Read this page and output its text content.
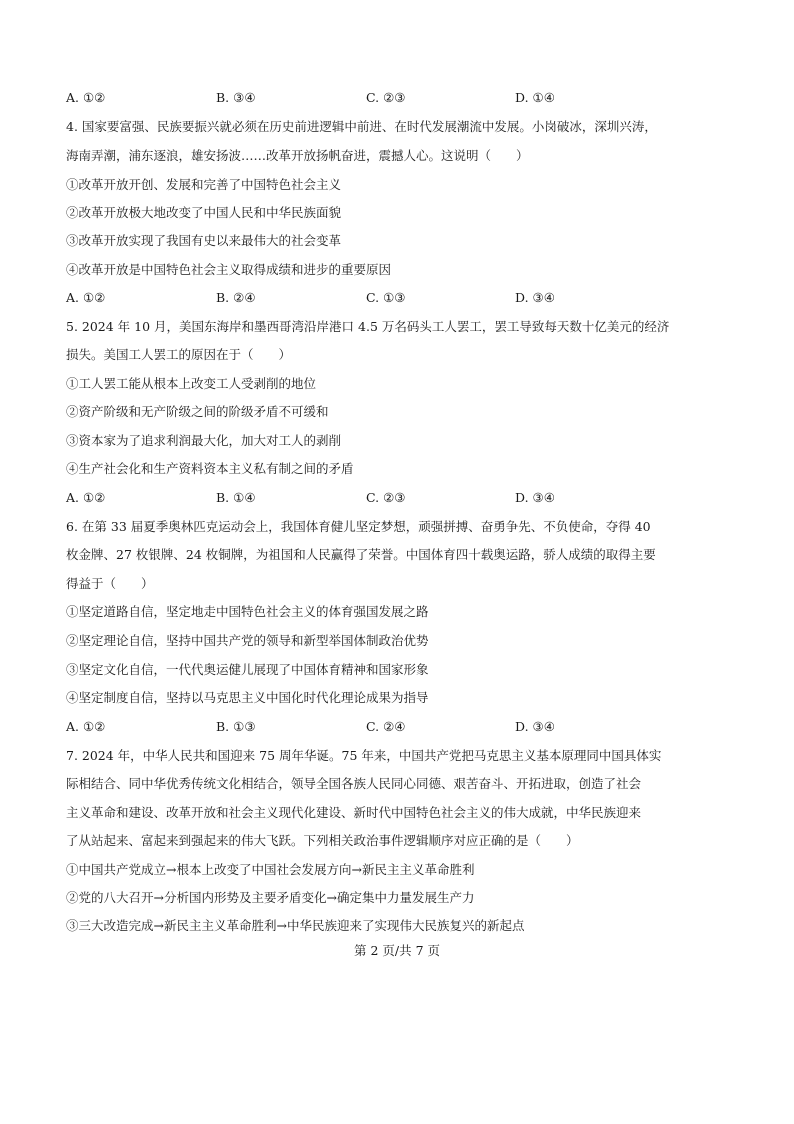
A. ①②	B. ③④	C. ②③	D. ①④
4. 国家要富强、民族要振兴就必须在历史前进逻辑中前进、在时代发展潮流中发展。小岗破冰，深圳兴涛，
海南弄潮，浦东逐浪，雄安扬波……改革开放扬帆奋进，震撼人心。这说明（　　）
①改革开放开创、发展和完善了中国特色社会主义
②改革开放极大地改变了中国人民和中华民族面貌
③改革开放实现了我国有史以来最伟大的社会变革
④改革开放是中国特色社会主义取得成绩和进步的重要原因
A. ①②	B. ②④	C. ①③	D. ③④
5. 2024 年 10 月，美国东海岸和墨西哥湾沿岸港口 4.5 万名码头工人罢工，罢工导致每天数十亿美元的经济
损失。美国工人罢工的原因在于（　　）
①工人罢工能从根本上改变工人受剥削的地位
②资产阶级和无产阶级之间的阶级矛盾不可缓和
③资本家为了追求利润最大化，加大对工人的剥削
④生产社会化和生产资料资本主义私有制之间的矛盾
A. ①②	B. ①④	C. ②③	D. ③④
6. 在第 33 届夏季奥林匹克运动会上，我国体育健儿坚定梦想，顽强拼搏、奋勇争先、不负使命，夺得 40
枚金牌、27 枚银牌、24 枚铜牌，为祖国和人民赢得了荣誉。中国体育四十载奥运路，骄人成绩的取得主要
得益于（　　）
①坚定道路自信，坚定地走中国特色社会主义的体育强国发展之路
②坚定理论自信，坚持中国共产党的领导和新型举国体制政治优势
③坚定文化自信，一代代奥运健儿展现了中国体育精神和国家形象
④坚定制度自信，坚持以马克思主义中国化时代化理论成果为指导
A. ①②	B. ①③	C. ②④	D. ③④
7. 2024 年，中华人民共和国迎来 75 周年华诞。75 年来，中国共产党把马克思主义基本原理同中国具体实
际相结合、同中华优秀传统文化相结合，领导全国各族人民同心同德、艰苦奋斗、开拓进取，创造了社会
主义革命和建设、改革开放和社会主义现代化建设、新时代中国特色社会主义的伟大成就，中华民族迎来
了从站起来、富起来到强起来的伟大飞跃。下列相关政治事件逻辑顺序对应正确的是（　　）
①中国共产党成立→根本上改变了中国社会发展方向→新民主主义革命胜利
②党的八大召开→分析国内形势及主要矛盾变化→确定集中力量发展生产力
③三大改造完成→新民主主义革命胜利→中华民族迎来了实现伟大民族复兴的新起点
第 2 页/共 7 页
